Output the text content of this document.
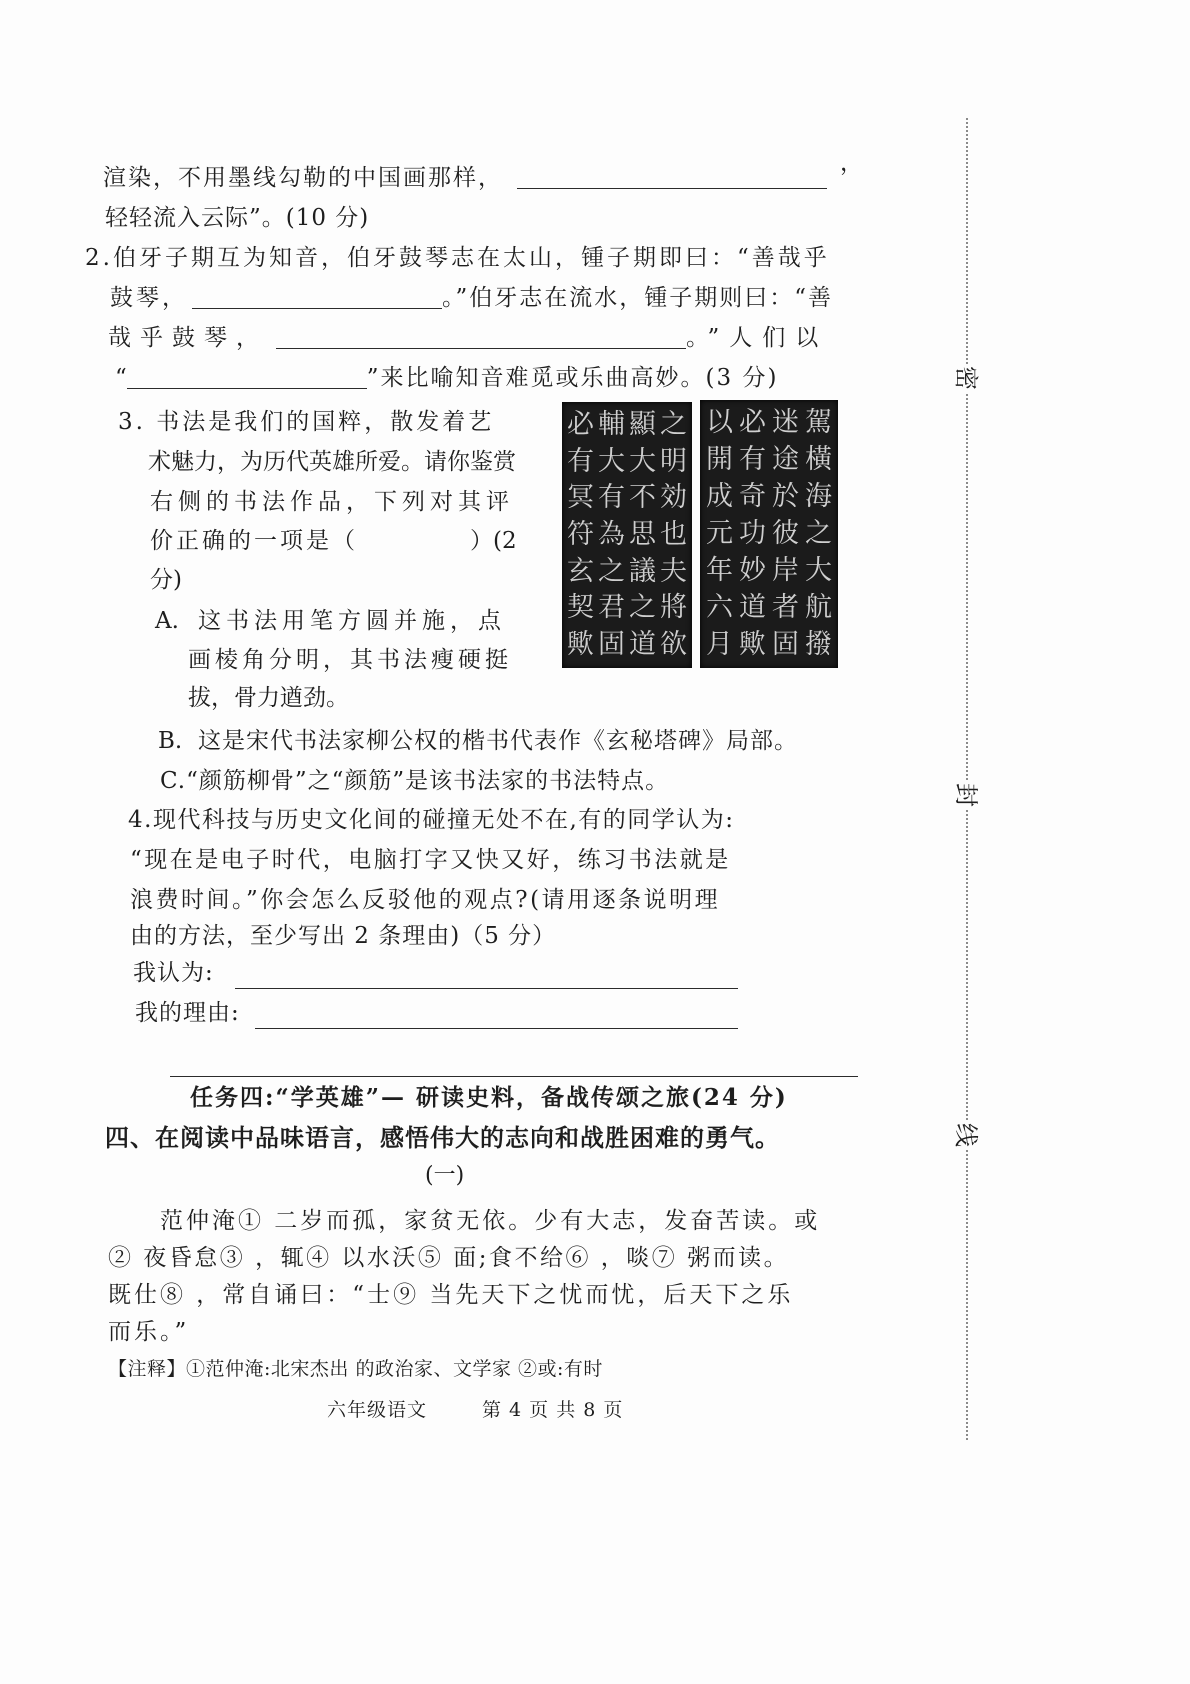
渲染，不用墨线勾勒的中国画那样，
，
轻轻流入云际”。(10 分)
2.伯牙子期互为知音，伯牙鼓琴志在太山，锺子期即曰：“善哉乎
鼓琴，	。”伯牙志在流水，锺子期则曰：“善
哉乎鼓琴，	。”人们以
“	”来比喻知音难觅或乐曲高妙。(3 分)
3. 书法是我们的国粹，散发着艺
术魅力，为历代英雄所爱。请你鉴赏
右侧的书法作品，下列对其评
价正确的一项是（	）(2
分)
A. 这书法用笔方圆并施，点
画棱角分明，其书法瘦硬挺
拔，骨力遒劲。
B. 这是宋代书法家柳公权的楷书代表作《玄秘塔碑》局部。
C.“颜筋柳骨”之“颜筋”是该书法家的书法特点。
之
明
効
也
夫
將
欲
顯
大
不
思
議
之
道
輔
大
有
為
之
君
固
必
有
冥
符
玄
契
歟
駕
橫
海
之
大
航
撥
迷
途
於
彼
岸
者
固
必
有
奇
功
妙
道
歟
以
開
成
元
年
六
月
4.现代科技与历史文化间的碰撞无处不在,有的同学认为:
“现在是电子时代，电脑打字又快又好，练习书法就是
浪费时间。”你会怎么反驳他的观点?(请用逐条说明理
由的方法，至少写出 2 条理由)（5 分）
我认为:
我的理由:
任务四:“学英雄”— 研读史料，备战传颂之旅(24 分)
四、在阅读中品味语言，感悟伟大的志向和战胜困难的勇气。
(一)
范仲淹① 二岁而孤，家贫无依。少有大志，发奋苦读。或
② 夜昏怠③ ，辄④ 以水沃⑤ 面;食不给⑥ ，啖⑦ 粥而读。
既仕⑧ ，常自诵曰：“士⑨ 当先天下之忧而忧，后天下之乐
而乐。”
【注释】①范仲淹:北宋杰出 的政治家、文学家 ②或:有时
六年级语文	第 4 页 共 8 页
密
封
线
